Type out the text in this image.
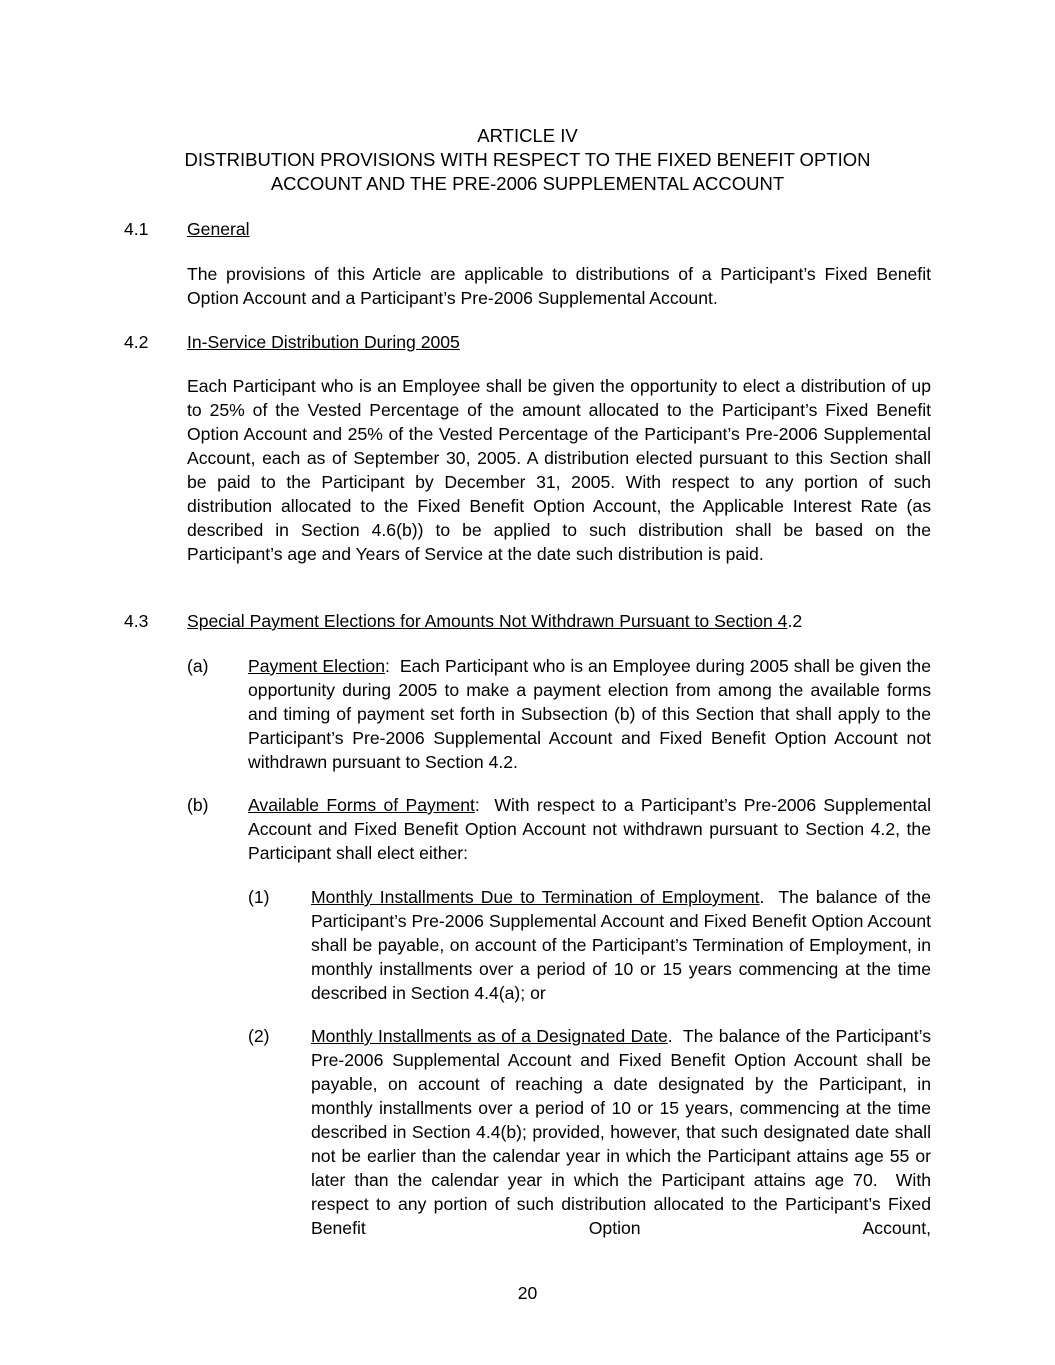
ARTICLE IV
DISTRIBUTION PROVISIONS WITH RESPECT TO THE FIXED BENEFIT OPTION
ACCOUNT AND THE PRE-2006 SUPPLEMENTAL ACCOUNT
4.1 General

The provisions of this Article are applicable to distributions of a Participant’s Fixed Benefit Option Account and a Participant’s Pre-2006 Supplemental Account.

4.2 In-Service Distribution During 2005

Each Participant who is an Employee shall be given the opportunity to elect a distribution of up to 25% of the Vested Percentage of the amount allocated to the Participant’s Fixed Benefit Option Account and 25% of the Vested Percentage of the Participant’s Pre-2006 Supplemental Account, each as of September 30, 2005. A distribution elected pursuant to this Section shall be paid to the Participant by December 31, 2005. With respect to any portion of such distribution allocated to the Fixed Benefit Option Account, the Applicable Interest Rate (as described in Section 4.6(b)) to be applied to such distribution shall be based on the Participant’s age and Years of Service at the date such distribution is paid.

4.3 Special Payment Elections for Amounts Not Withdrawn Pursuant to Section 4.2
(a) Payment Election:  Each Participant who is an Employee during 2005 shall be given the opportunity during 2005 to make a payment election from among the available forms and timing of payment set forth in Subsection (b) of this Section that shall apply to the Participant’s Pre-2006 Supplemental Account and Fixed Benefit Option Account not withdrawn pursuant to Section 4.2.

(b) Available Forms of Payment:  With respect to a Participant’s Pre-2006 Supplemental Account and Fixed Benefit Option Account not withdrawn pursuant to Section 4.2, the Participant shall elect either:

(1) Monthly Installments Due to Termination of Employment.  The balance of the Participant’s Pre-2006 Supplemental Account and Fixed Benefit Option Account shall be payable, on account of the Participant’s Termination of Employment, in monthly installments over a period of 10 or 15 years commencing at the time described in Section 4.4(a); or

(2) Monthly Installments as of a Designated Date.  The balance of the Participant’s Pre-2006 Supplemental Account and Fixed Benefit Option Account shall be payable, on account of reaching a date designated by the Participant, in monthly installments over a period of 10 or 15 years, commencing at the time described in Section 4.4(b); provided, however, that such designated date shall not be earlier than the calendar year in which the Participant attains age 55 or later than the calendar year in which the Participant attains age 70.  With respect to any portion of such distribution allocated to the Participant’s Fixed Benefit Option Account,

20
